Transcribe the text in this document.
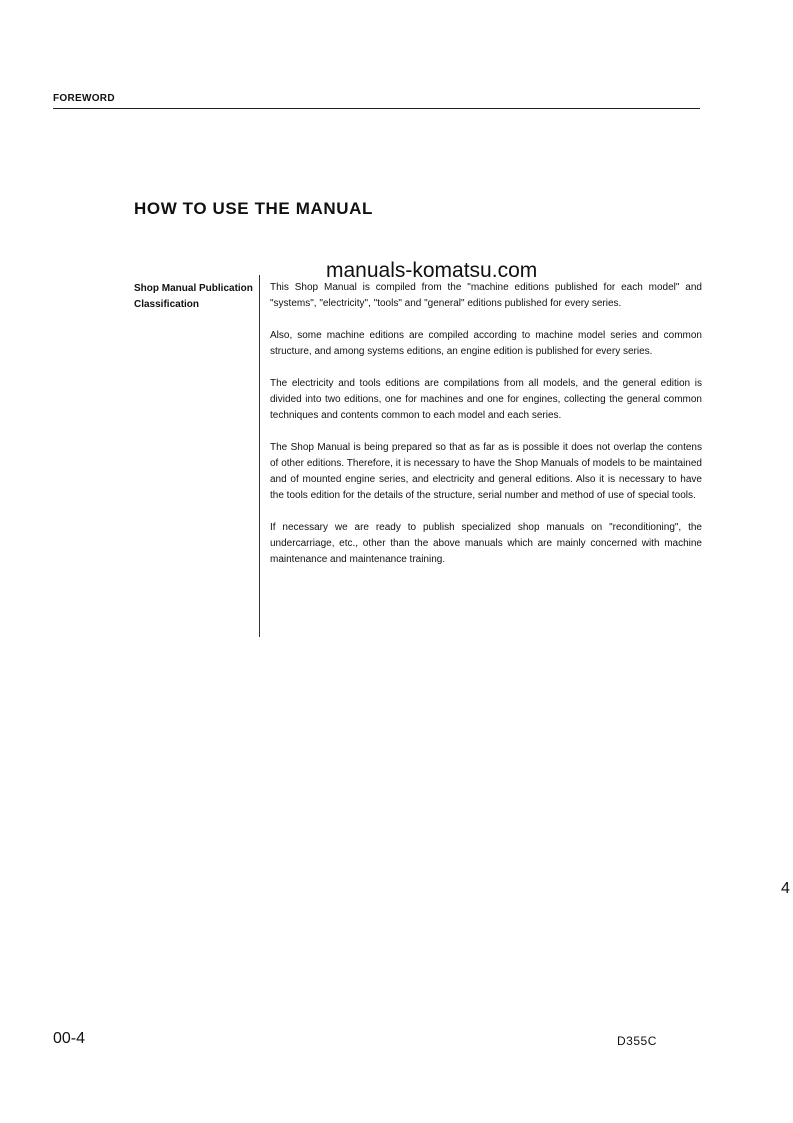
FOREWORD
HOW TO USE THE MANUAL
manuals-komatsu.com
Shop Manual Publication Classification

This Shop Manual is compiled from the "machine editions published for each model" and "systems", "electricity", "tools" and "general" editions published for every series.

Also, some machine editions are compiled according to machine model series and common structure, and among systems editions, an engine edition is published for every series.

The electricity and tools editions are compilations from all models, and the general edition is divided into two editions, one for machines and one for engines, collecting the general common techniques and contents common to each model and each series.

The Shop Manual is being prepared so that as far as is possible it does not overlap the contens of other editions. Therefore, it is necessary to have the Shop Manuals of models to be maintained and of mounted engine series, and electricity and general editions. Also it is necessary to have the tools edition for the details of the structure, serial number and method of use of special tools.

If necessary we are ready to publish specialized shop manuals on "reconditioning", the undercarriage, etc., other than the above manuals which are mainly concerned with machine maintenance and maintenance training.

4
00-4	D355C
